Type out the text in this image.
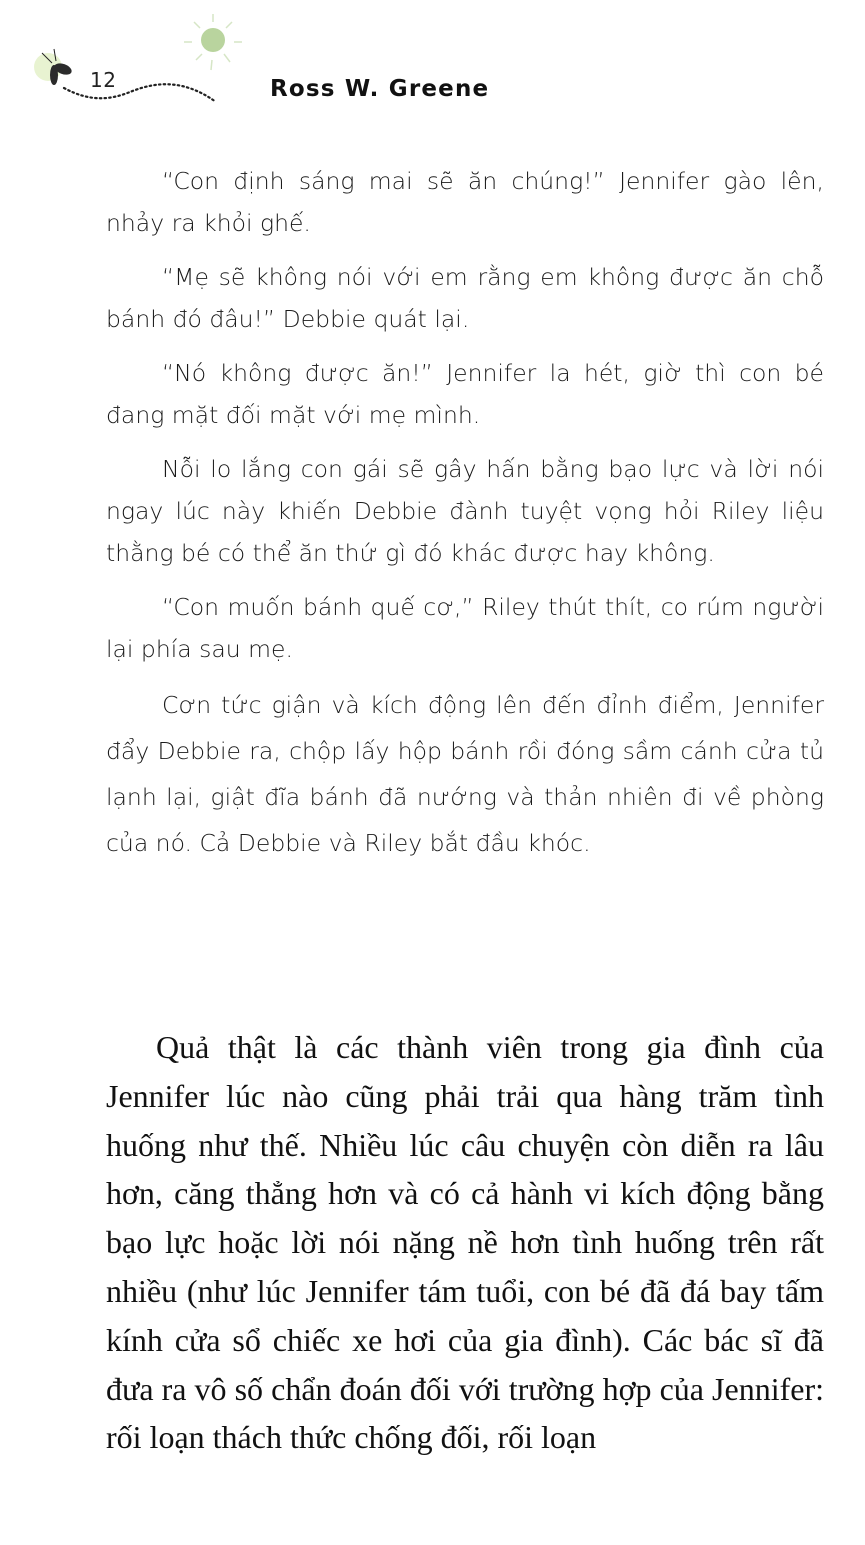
12	Ross W. Greene

“Con định sáng mai sẽ ăn chúng!” Jennifer gào lên, nhảy ra khỏi ghế.

“Mẹ sẽ không nói với em rằng em không được ăn chỗ bánh đó đâu!” Debbie quát lại.

“Nó không được ăn!” Jennifer la hét, giờ thì con bé đang mặt đối mặt với mẹ mình.

Nỗi lo lắng con gái sẽ gây hấn bằng bạo lực và lời nói ngay lúc này khiến Debbie đành tuyệt vọng hỏi Riley liệu thằng bé có thể ăn thứ gì đó khác được hay không.

“Con muốn bánh quế cơ,” Riley thút thít, co rúm người lại phía sau mẹ.

Cơn tức giận và kích động lên đến đỉnh điểm, Jennifer đẩy Debbie ra, chộp lấy hộp bánh rồi đóng sầm cánh cửa tủ lạnh lại, giật đĩa bánh đã nướng và thản nhiên đi về phòng của nó. Cả Debbie và Riley bắt đầu khóc.

Quả thật là các thành viên trong gia đình của Jennifer lúc nào cũng phải trải qua hàng trăm tình huống như thế. Nhiều lúc câu chuyện còn diễn ra lâu hơn, căng thẳng hơn và có cả hành vi kích động bằng bạo lực hoặc lời nói nặng nề hơn tình huống trên rất nhiều (như lúc Jennifer tám tuổi, con bé đã đá bay tấm kính cửa sổ chiếc xe hơi của gia đình). Các bác sĩ đã đưa ra vô số chẩn đoán đối với trường hợp của Jennifer: rối loạn thách thức chống đối, rối loạn
